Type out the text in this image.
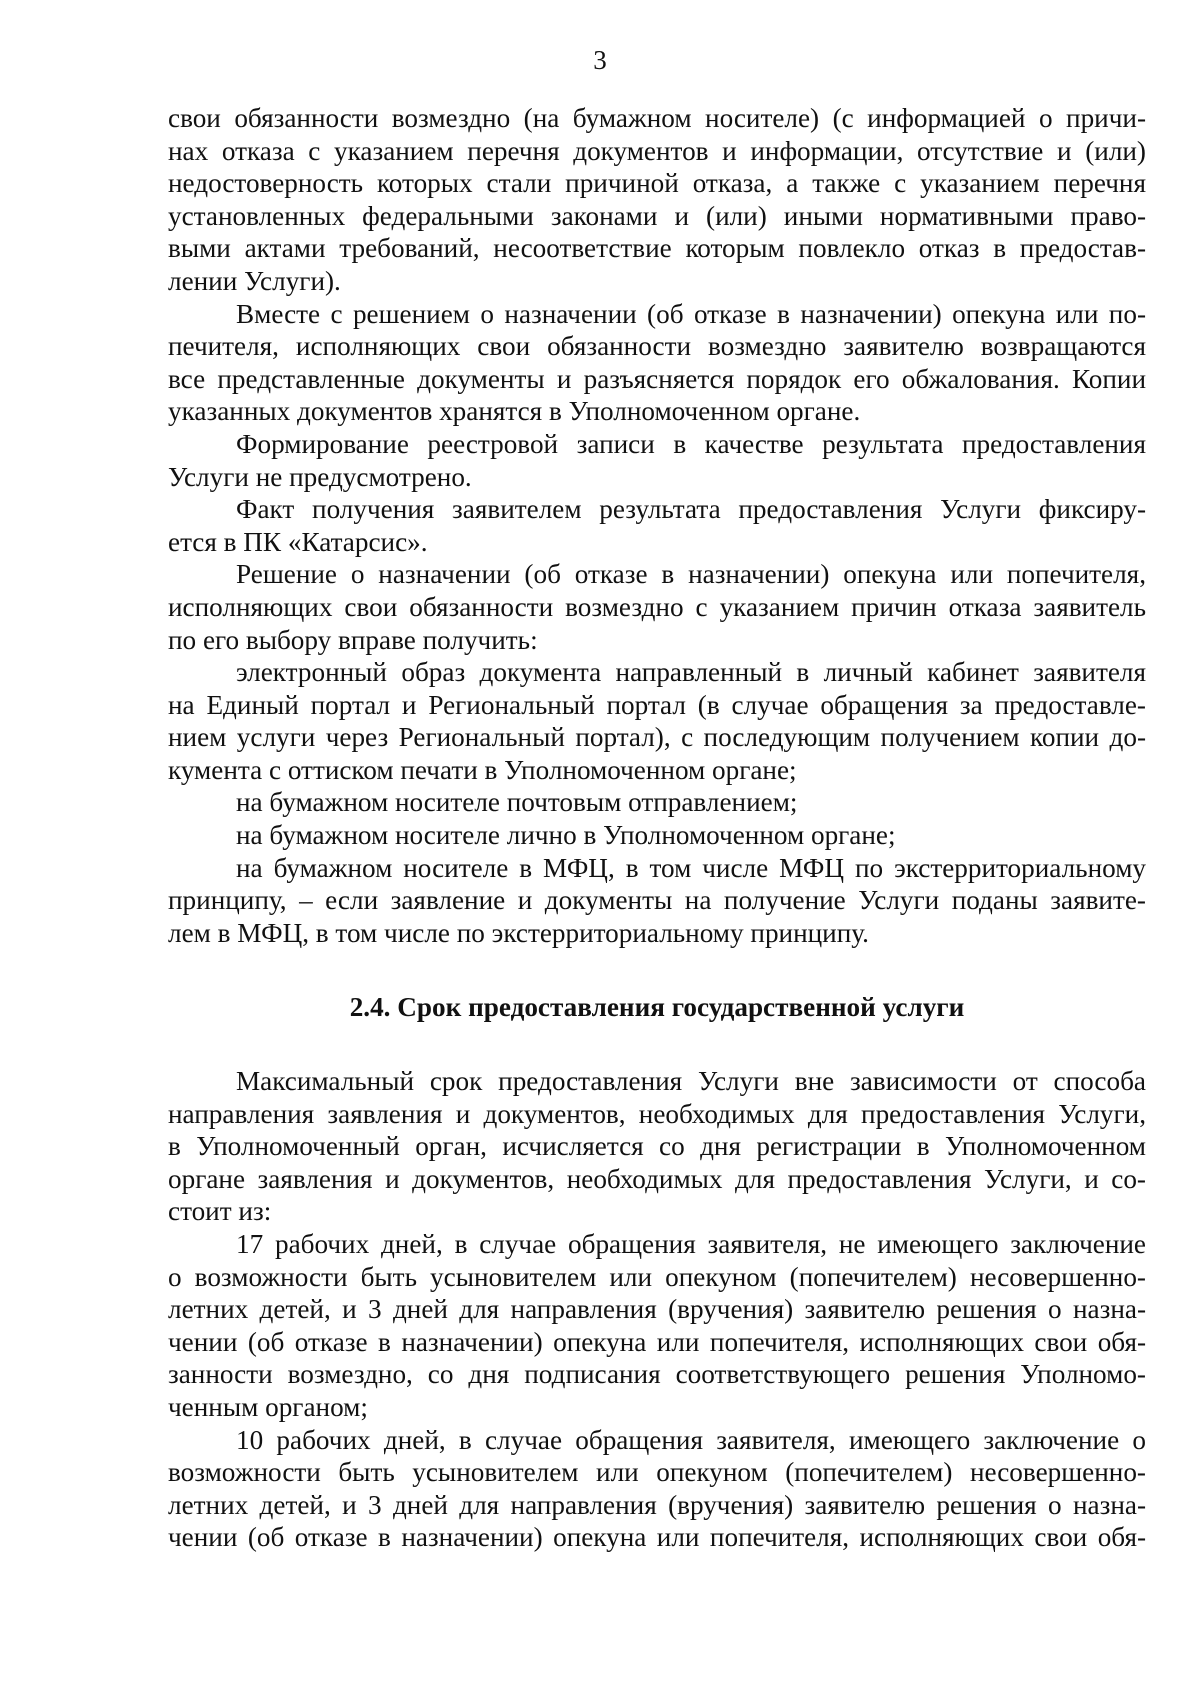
3

свои обязанности возмездно (на бумажном носителе) (с информацией о причи-
нах отказа с указанием перечня документов и информации, отсутствие и (или)
недостоверность которых стали причиной отказа, а также с указанием перечня
установленных федеральными законами и (или) иными нормативными право-
выми актами требований, несоответствие которым повлекло отказ в предостав-
лении Услуги).

Вместе с решением о назначении (об отказе в назначении) опекуна или по-
печителя, исполняющих свои обязанности возмездно заявителю возвращаются
все представленные документы и разъясняется порядок его обжалования. Копии
указанных документов хранятся в Уполномоченном органе.

Формирование реестровой записи в качестве результата предоставления
Услуги не предусмотрено.

Факт получения заявителем результата предоставления Услуги фиксиру-
ется в ПК «Катарсис».

Решение о назначении (об отказе в назначении) опекуна или попечителя,
исполняющих свои обязанности возмездно с указанием причин отказа заявитель
по его выбору вправе получить:

электронный образ документа направленный в личный кабинет заявителя
на Единый портал и Региональный портал (в случае обращения за предоставле-
нием услуги через Региональный портал), с последующим получением копии до-
кумента с оттиском печати в Уполномоченном органе;

на бумажном носителе почтовым отправлением;

на бумажном носителе лично в Уполномоченном органе;

на бумажном носителе в МФЦ, в том числе МФЦ по экстерриториальному
принципу, – если заявление и документы на получение Услуги поданы заявите-
лем в МФЦ, в том числе по экстерриториальному принципу.

2.4. Срок предоставления государственной услуги

Максимальный срок предоставления Услуги вне зависимости от способа
направления заявления и документов, необходимых для предоставления Услуги,
в Уполномоченный орган, исчисляется со дня регистрации в Уполномоченном
органе заявления и документов, необходимых для предоставления Услуги, и со-
стоит из:

17 рабочих дней, в случае обращения заявителя, не имеющего заключение
о возможности быть усыновителем или опекуном (попечителем) несовершенно-
летних детей, и 3 дней для направления (вручения) заявителю решения о назна-
чении (об отказе в назначении) опекуна или попечителя, исполняющих свои обя-
занности возмездно, со дня подписания соответствующего решения Уполномо-
ченным органом;

10 рабочих дней, в случае обращения заявителя, имеющего заключение о
возможности быть усыновителем или опекуном (попечителем) несовершенно-
летних детей, и 3 дней для направления (вручения) заявителю решения о назна-
чении (об отказе в назначении) опекуна или попечителя, исполняющих свои обя-
